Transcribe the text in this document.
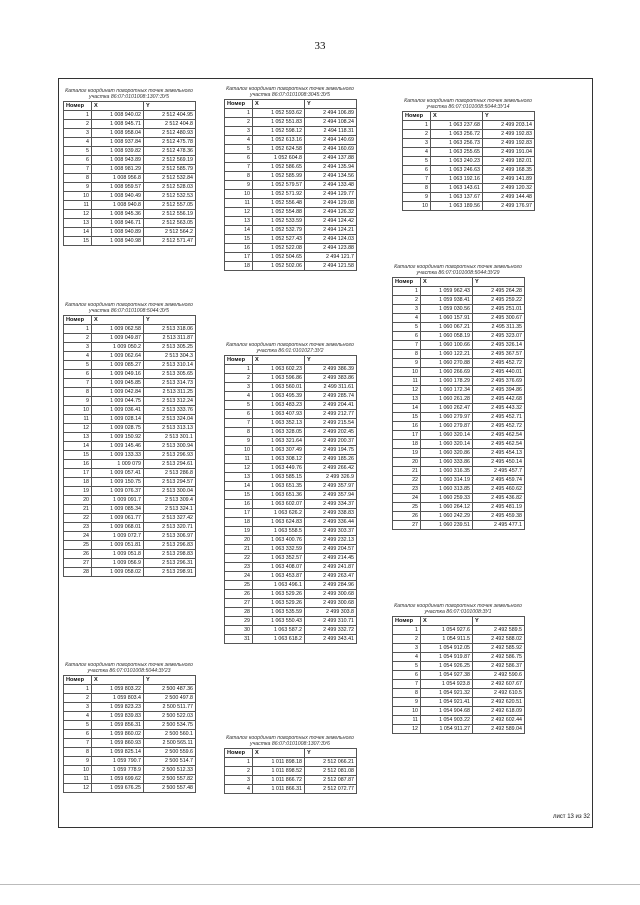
33
Каталог координат поворотных точек земельного участка 86:07:0101008:1307:ЗУ5
Номер	X	Y
1	1 008 940.02	2 512 404.95
2	1 008 945.71	2 512 404.8
3	1 008 958.04	2 512 480.93
4	1 008 937.84	2 512 475.78
5	1 008 939.82	2 512 478.36
6	1 008 943.89	2 512 569.19
7	1 008 981.29	2 512 585.79
8	1 008 956.8	2 512 532.84
9	1 008 959.57	2 512 528.03
10	1 008 940.49	2 512 532.53
11	1 008 940.8	2 512 557.05
12	1 008 945.36	2 512 556.19
13	1 008 946.71	2 512 563.05
14	1 008 940.89	2 512 564.2
15	1 008 940.98	2 512 571.47
Каталог координат поворотных точек земельного участка 86:07:0101008:5044:ЗУ5
Номер	X	Y
1	1 009 062.58	2 513 318.06
2	1 009 049.87	2 513 311.87
3	1 009 050.2	2 513 305.25
4	1 009 062.64	2 513 304.3
5	1 009 085.27	2 513 310.14
6	1 009 049.16	2 513 305.65
7	1 009 045.85	2 513 314.73
8	1 009 042.84	2 513 311.25
9	1 009 044.75	2 513 312.24
10	1 009 036.41	2 513 333.76
11	1 009 028.14	2 513 324.04
12	1 009 028.75	2 513 313.13
13	1 009 150.92	2 513 301.1
14	1 009 145.46	2 513 300.94
15	1 009 133.33	2 513 296.93
16	1 009 079	2 513 294.61
17	1 009 057.41	2 513 286.8
18	1 009 150.75	2 513 294.57
19	1 009 076.37	2 513 300.04
20	1 009 091.7	2 513 309.4
21	1 009 085.34	2 513 324.1
22	1 009 061.77	2 513 327.42
23	1 009 068.01	2 513 320.71
24	1 009 072.7	2 513 306.97
25	1 009 051.81	2 513 296.83
26	1 009 051.8	2 513 298.83
27	1 009 056.9	2 513 296.31
28	1 009 058.02	2 513 298.91
Каталог координат поворотных точек земельного участка 86:07:0101008:5044:ЗУ23
Номер	X	Y
1	1 059 803.22	2 500 487.36
2	1 059 803.4	2 500 497.8
3	1 059 823.23	2 500 511.77
4	1 059 839.83	2 500 522.03
5	1 059 856.31	2 500 534.75
6	1 059 860.02	2 500 560.1
7	1 059 860.93	2 500 565.11
8	1 059 825.14	2 500 559.6
9	1 059 790.7	2 500 514.7
10	1 059 778.9	2 500 512.33
11	1 059 699.62	2 500 557.82
12	1 059 676.25	2 500 557.48
Каталог координат поворотных точек земельного участка 86:07:0101008:3045:ЗУ5
Номер	X	Y
1	1 052 593.62	2 494 106.89
2	1 052 551.83	2 494 108.24
3	1 052 598.12	2 494 118.31
4	1 052 613.16	2 494 140.69
5	1 052 624.58	2 494 160.69
6	1 052 604.8	2 494 137.88
7	1 052 586.65	2 494 135.94
8	1 052 585.99	2 494 134.56
9	1 052 579.57	2 494 133.48
10	1 052 571.92	2 494 129.77
11	1 052 556.48	2 494 129.08
12	1 052 554.88	2 494 126.32
13	1 052 533.59	2 494 124.42
14	1 052 532.79	2 494 124.21
15	1 052 527.43	2 494 124.03
16	1 052 522.08	2 494 123.88
17	1 052 504.65	2 494 121.7
18	1 052 502.06	2 494 121.58
Каталог координат поворотных точек земельного участка 86:01:0101027:ЗУ2
Номер	X	Y
1	1 063 602.23	2 499 386.39
2	1 063 596.86	2 499 383.86
3	1 063 560.01	2 499 311.61
4	1 063 495.39	2 499 285.74
5	1 063 483.23	2 499 204.41
6	1 063 407.93	2 499 212.77
7	1 063 352.13	2 499 215.54
8	1 063 328.05	2 499 202.45
9	1 063 321.64	2 499 200.37
10	1 063 307.49	2 499 194.75
11	1 063 308.12	2 499 185.26
12	1 063 449.76	2 499 266.42
13	1 063 585.15	2 499 326.9
14	1 063 651.35	2 499 357.97
15	1 063 651.36	2 499 357.94
16	1 063 602.07	2 499 334.37
17	1 063 626.2	2 499 338.83
18	1 063 624.83	2 499 336.44
19	1 063 558.5	2 499 303.37
20	1 063 400.76	2 499 232.13
21	1 063 332.59	2 499 204.57
22	1 063 352.57	2 499 214.45
23	1 063 408.07	2 499 241.87
24	1 063 453.87	2 499 263.47
25	1 063 496.1	2 499 284.96
26	1 063 529.26	2 499 300.68
27	1 063 529.26	2 499 300.68
28	1 063 535.59	2 499 303.8
29	1 063 550.43	2 499 310.71
30	1 063 587.2	2 499 332.72
31	1 063 618.2	2 499 343.41
Каталог координат поворотных точек земельного участка 86:07:0101008:1307:ЗУ6
Номер	X	Y
1	1 011 898.18	2 512 066.21
2	1 011 898.52	2 512 081.08
3	1 011 866.72	2 512 087.87
4	1 011 866.31	2 512 072.77
Каталог координат поворотных точек земельного участка 86:07:0101008:5044:ЗУ14
Номер	X	Y
1	1 063 237.68	2 499 203.14
2	1 063 256.72	2 499 192.83
3	1 063 256.73	2 499 192.83
4	1 063 255.65	2 499 191.04
5	1 063 240.23	2 499 182.01
6	1 063 246.63	2 499 168.35
7	1 063 192.16	2 499 141.89
8	1 063 143.61	2 499 120.32
9	1 063 137.67	2 499 144.48
10	1 063 189.56	2 499 176.97
Каталог координат поворотных точек земельного участка 86:07:0101008:5044:ЗУ29
Номер	X	Y
1	1 059 962.43	2 495 264.28
2	1 059 938.41	2 495 259.22
3	1 059 030.56	2 495 251.01
4	1 060 157.91	2 495 300.67
5	1 060 067.21	2 495 311.35
6	1 060 058.19	2 495 323.07
7	1 060 100.66	2 495 326.14
8	1 060 122.21	2 495 367.57
9	1 060 270.88	2 495 452.72
10	1 060 266.69	2 495 440.01
11	1 060 178.29	2 495 376.69
12	1 060 172.34	2 495 394.86
13	1 060 261.28	2 495 442.68
14	1 060 262.47	2 495 443.32
15	1 060 279.97	2 495 452.71
16	1 060 279.87	2 495 452.72
17	1 060 320.14	2 495 462.54
18	1 060 320.14	2 495 462.54
19	1 060 320.86	2 495 454.13
20	1 060 333.86	2 495 450.14
21	1 060 316.35	2 495 457.7
22	1 060 314.19	2 495 459.74
23	1 060 313.85	2 495 460.62
24	1 060 259.33	2 495 436.82
25	1 060 264.12	2 495 481.19
26	1 060 242.29	2 495 459.38
27	1 060 239.51	2 495 477.1
Каталог координат поворотных точек земельного участка 86:07:0101008:ЗУ1
Номер	X	Y
1	1 054 927.6	2 492 589.5
2	1 054 911.5	2 492 588.02
3	1 054 912.05	2 492 585.92
4	1 054 919.87	2 492 586.75
5	1 054 926.25	2 492 586.37
6	1 054 927.38	2 492 590.6
7	1 054 923.8	2 492 607.67
8	1 054 921.32	2 492 610.5
9	1 054 921.41	2 492 620.51
10	1 054 904.68	2 492 618.09
11	1 054 903.22	2 492 602.44
12	1 054 911.27	2 492 589.04
лист 13 из 32
